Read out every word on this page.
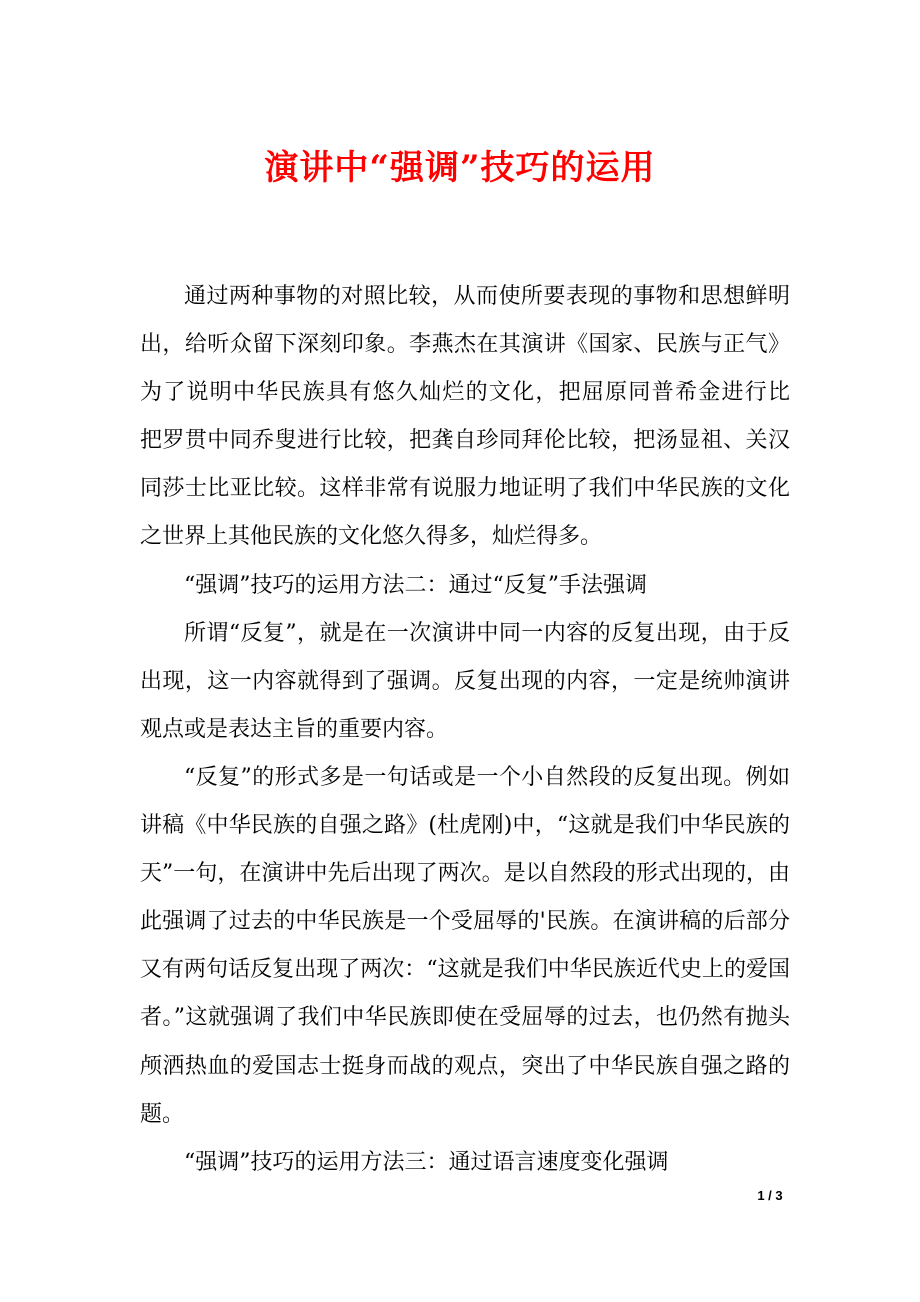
演讲中“强调”技巧的运用
通过两种事物的对照比较，从而使所要表现的事物和思想鲜明
出，给听众留下深刻印象。李燕杰在其演讲《国家、民族与正气》
为了说明中华民族具有悠久灿烂的文化，把屈原同普希金进行比
把罗贯中同乔叟进行比较，把龚自珍同拜伦比较，把汤显祖、关汉
同莎士比亚比较。这样非常有说服力地证明了我们中华民族的文化
之世界上其他民族的文化悠久得多，灿烂得多。
“强调”技巧的运用方法二：通过“反复”手法强调
所谓“反复”，就是在一次演讲中同一内容的反复出现，由于反
出现，这一内容就得到了强调。反复出现的内容，一定是统帅演讲
观点或是表达主旨的重要内容。
“反复”的形式多是一句话或是一个小自然段的反复出现。例如
讲稿《中华民族的自强之路》(杜虎刚)中，“这就是我们中华民族的
天”一句，在演讲中先后出现了两次。是以自然段的形式出现的，由
此强调了过去的中华民族是一个受屈辱的'民族。在演讲稿的后部分
又有两句话反复出现了两次：“这就是我们中华民族近代史上的爱国
者。”这就强调了我们中华民族即使在受屈辱的过去，也仍然有抛头
颅洒热血的爱国志士挺身而战的观点，突出了中华民族自强之路的
题。
“强调”技巧的运用方法三：通过语言速度变化强调
1 / 3
